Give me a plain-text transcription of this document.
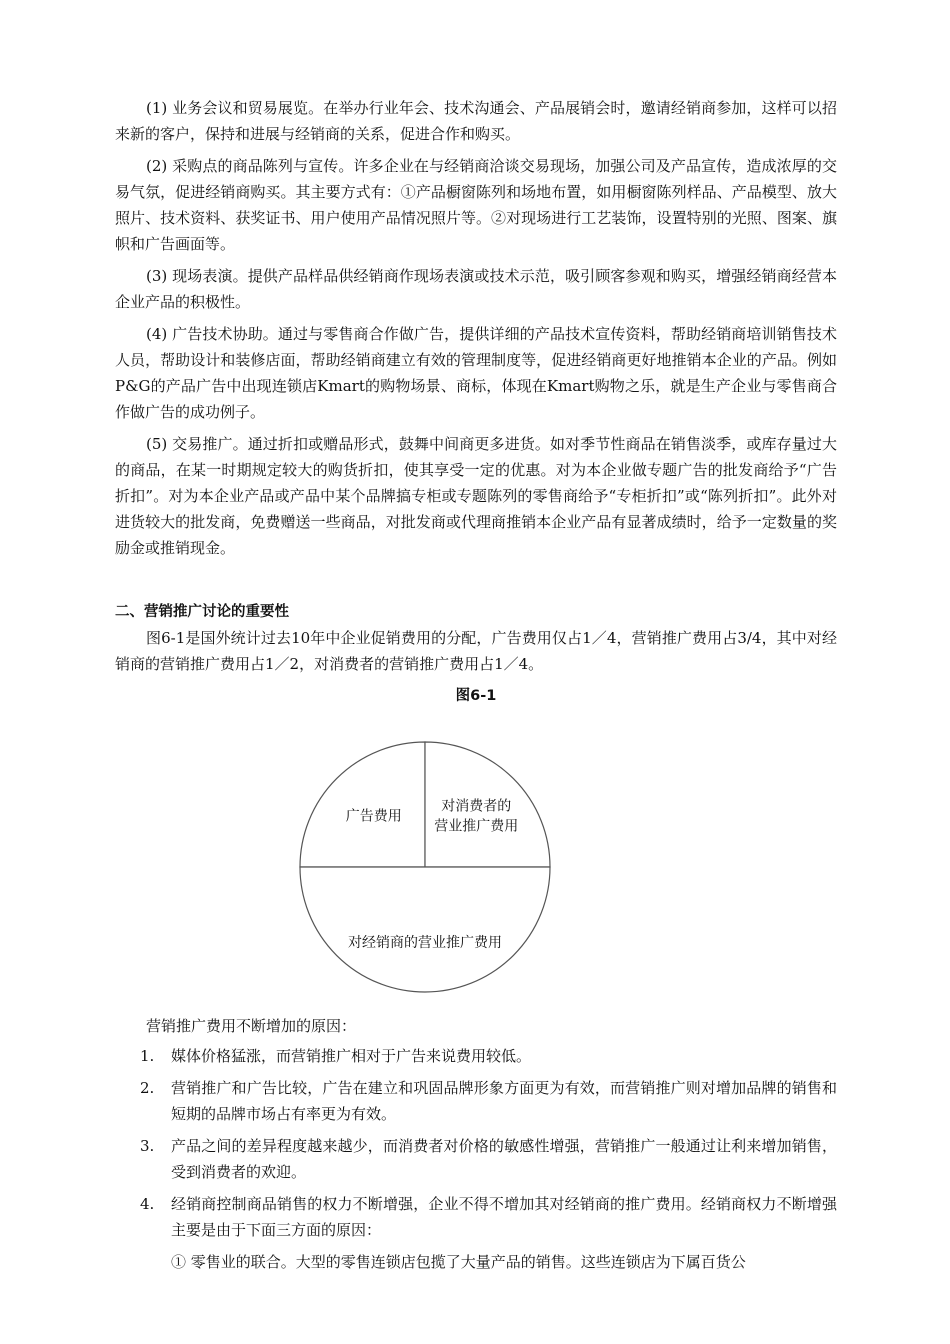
(1) 业务会议和贸易展览。在举办行业年会、技术沟通会、产品展销会时，邀请经销商参加，这样可以招来新的客户，保持和进展与经销商的关系，促进合作和购买。

(2) 采购点的商品陈列与宣传。许多企业在与经销商洽谈交易现场，加强公司及产品宣传，造成浓厚的交易气氛，促进经销商购买。其主要方式有：①产品橱窗陈列和场地布置，如用橱窗陈列样品、产品模型、放大照片、技术资料、获奖证书、用户使用产品情况照片等。②对现场进行工艺装饰，设置特别的光照、图案、旗帜和广告画面等。

(3) 现场表演。提供产品样品供经销商作现场表演或技术示范，吸引顾客参观和购买，增强经销商经营本企业产品的积极性。

(4) 广告技术协助。通过与零售商合作做广告，提供详细的产品技术宣传资料，帮助经销商培训销售技术人员，帮助设计和装修店面，帮助经销商建立有效的管理制度等，促进经销商更好地推销本企业的产品。例如P&G的产品广告中出现连锁店Kmart的购物场景、商标，体现在Kmart购物之乐，就是生产企业与零售商合作做广告的成功例子。

(5) 交易推广。通过折扣或赠品形式，鼓舞中间商更多进货。如对季节性商品在销售淡季，或库存量过大的商品，在某一时期规定较大的购货折扣，使其享受一定的优惠。对为本企业做专题广告的批发商给予“广告折扣”。对为本企业产品或产品中某个品牌搞专柜或专题陈列的零售商给予“专柜折扣”或“陈列折扣”。此外对进货较大的批发商，免费赠送一些商品，对批发商或代理商推销本企业产品有显著成绩时，给予一定数量的奖励金或推销现金。

二、营销推广讨论的重要性

图6-1是国外统计过去10年中企业促销费用的分配，广告费用仅占1／4，营销推广费用占3/4，其中对经销商的营销推广费用占1／2，对消费者的营销推广费用占1／4。

图6-1

广告费用
对消费者的营业推广费用
对经销商的营业推广费用

营销推广费用不断增加的原因：

1. 媒体价格猛涨，而营销推广相对于广告来说费用较低。
2. 营销推广和广告比较，广告在建立和巩固品牌形象方面更为有效，而营销推广则对增加品牌的销售和短期的品牌市场占有率更为有效。
3. 产品之间的差异程度越来越少，而消费者对价格的敏感性增强，营销推广一般通过让利来增加销售，受到消费者的欢迎。
4. 经销商控制商品销售的权力不断增强，企业不得不增加其对经销商的推广费用。经销商权力不断增强主要是由于下面三方面的原因：

① 零售业的联合。大型的零售连锁店包揽了大量产品的销售。这些连锁店为下属百货公
